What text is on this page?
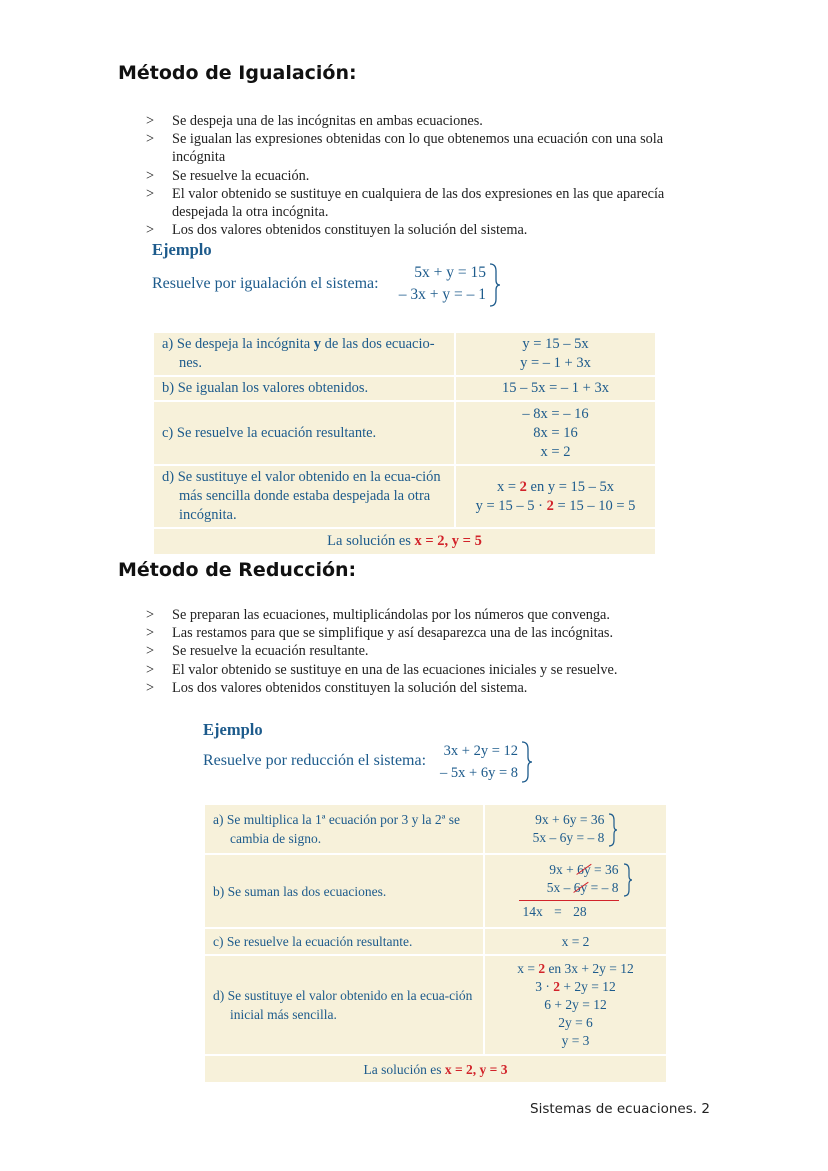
Método de Igualación:
> Se despeja una de las incógnitas en ambas ecuaciones.
> Se igualan las expresiones obtenidas con lo que obtenemos una ecuación con una sola incógnita
> Se resuelve la ecuación.
> El valor obtenido se sustituye en cualquiera de las dos expresiones en las que aparecía despejada la otra incógnita.
> Los dos valores obtenidos constituyen la solución del sistema.
Ejemplo
Resuelve por igualación el sistema:
5x + y = 15
– 3x + y = – 1
a) Se despeja la incógnita y de las dos ecuacio-nes.	y = 15 – 5x
y = – 1 + 3x

b) Se igualan los valores obtenidos.	15 – 5x = – 1 + 3x

c) Se resuelve la ecuación resultante.	– 8x = – 16
8x = 16
x = 2

d) Se sustituye el valor obtenido en la ecua-ción más sencilla donde estaba despejada la otra incógnita.	x = 2 en y = 15 – 5x
y = 15 – 5 · 2 = 15 – 10 = 5

La solución es x = 2, y = 5	
Método de Reducción:
> Se preparan las ecuaciones, multiplicándolas por los números que convenga.
> Las restamos para que se simplifique y así desaparezca una de las incógnitas.
> Se resuelve la ecuación resultante.
> El valor obtenido se sustituye en una de las ecuaciones iniciales y se resuelve.
> Los dos valores obtenidos constituyen la solución del sistema.
Ejemplo
Resuelve por reducción el sistema:
3x + 2y = 12
– 5x + 6y = 8
a) Se multiplica la 1ª ecuación por 3 y la 2ª se cambia de signo.	9x + 6y = 36
5x – 6y = – 8

b) Se suman las dos ecuaciones.	9x + 6y = 36
5x – 6y = – 8
14x = 28

c) Se resuelve la ecuación resultante.	x = 2

d) Se sustituye el valor obtenido en la ecua-ción inicial más sencilla.	x = 2 en 3x + 2y = 12
3 · 2 + 2y = 12
6 + 2y = 12
2y = 6
y = 3

La solución es x = 2, y = 3	
Sistemas de ecuaciones. 2
